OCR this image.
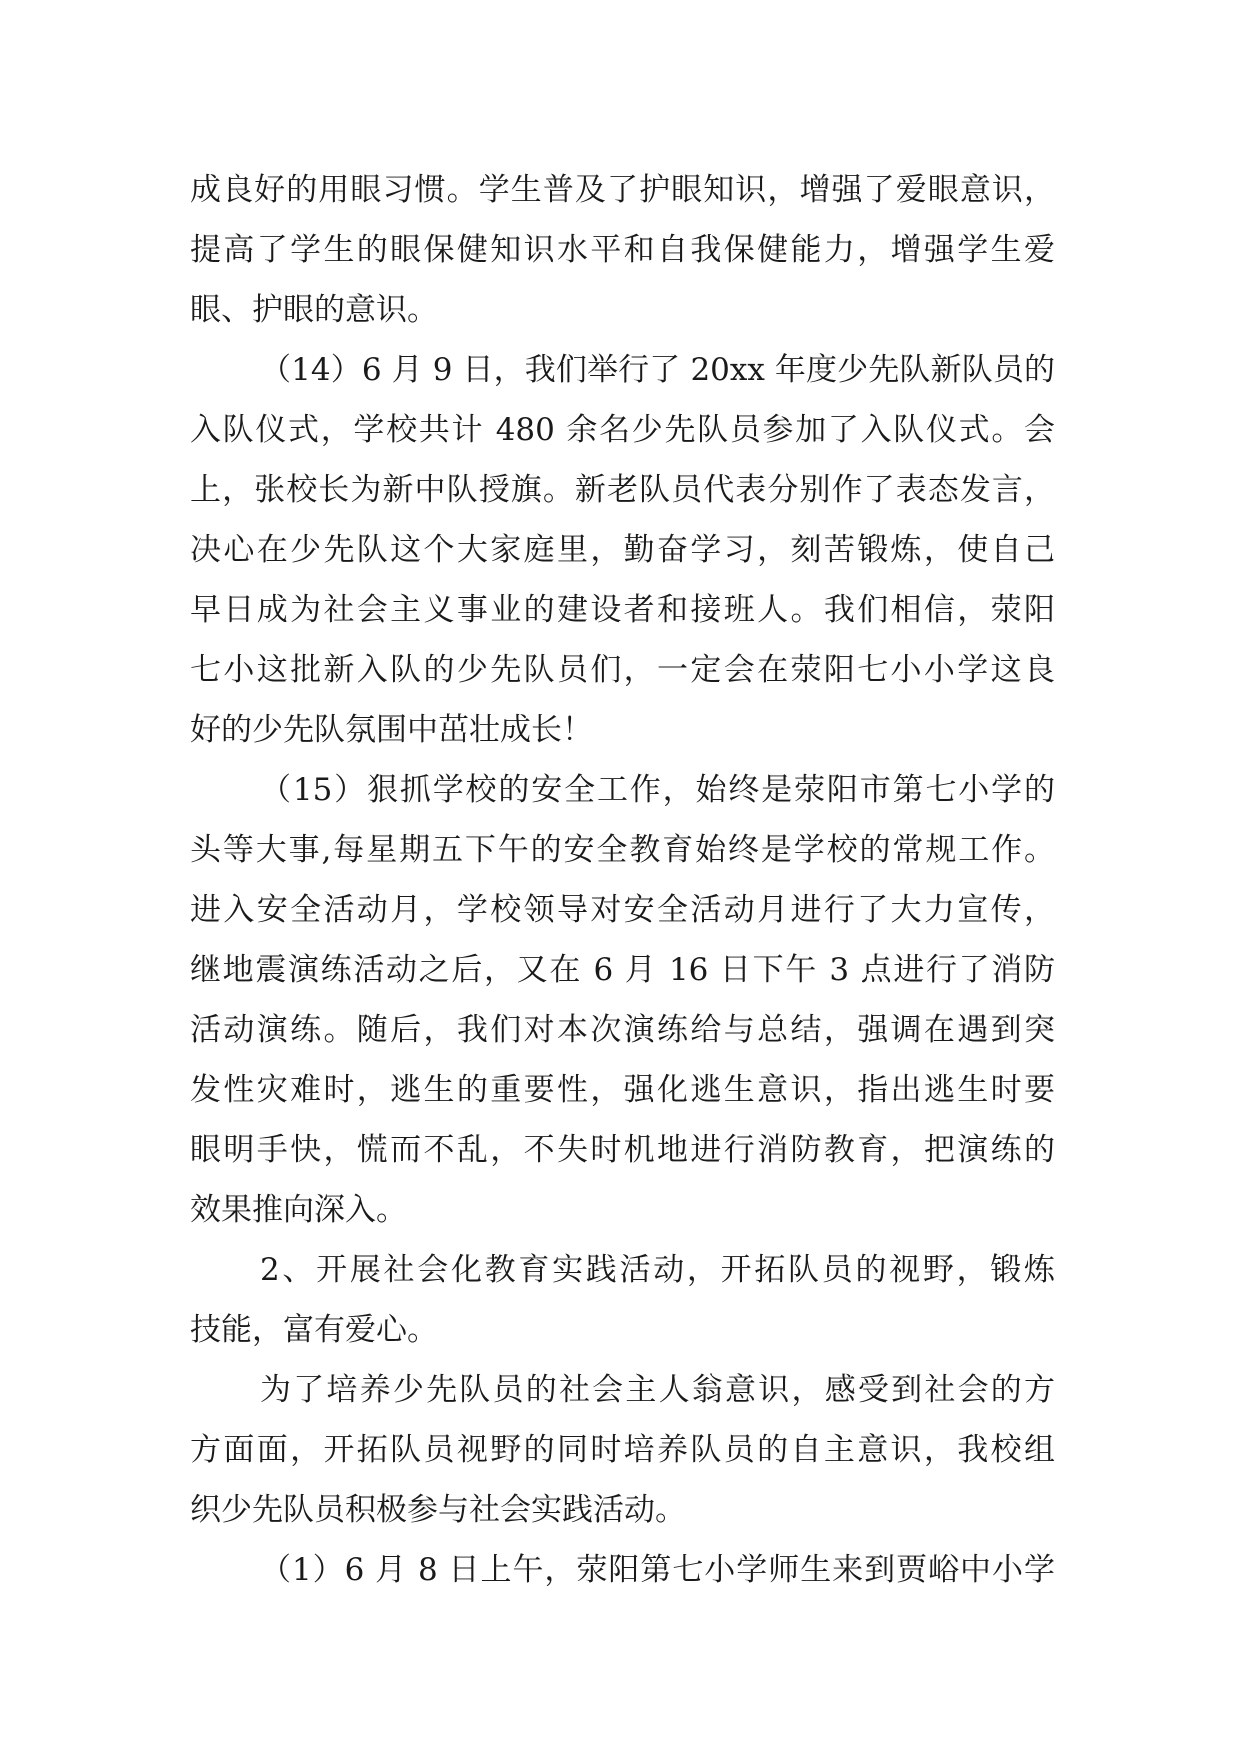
成良好的用眼习惯。学生普及了护眼知识，增强了爱眼意识，
提高了学生的眼保健知识水平和自我保健能力，增强学生爱
眼、护眼的意识。
（14）6 月 9 日，我们举行了 20xx 年度少先队新队员的
入队仪式，学校共计 480 余名少先队员参加了入队仪式。会
上，张校长为新中队授旗。新老队员代表分别作了表态发言，
决心在少先队这个大家庭里，勤奋学习，刻苦锻炼，使自己
早日成为社会主义事业的建设者和接班人。我们相信，荥阳
七小这批新入队的少先队员们，一定会在荥阳七小小学这良
好的少先队氛围中茁壮成长！
（15）狠抓学校的安全工作，始终是荥阳市第七小学的
头等大事,每星期五下午的安全教育始终是学校的常规工作。
进入安全活动月，学校领导对安全活动月进行了大力宣传，
继地震演练活动之后，又在 6 月 16 日下午 3 点进行了消防
活动演练。随后，我们对本次演练给与总结，强调在遇到突
发性灾难时，逃生的重要性，强化逃生意识，指出逃生时要
眼明手快，慌而不乱，不失时机地进行消防教育，把演练的
效果推向深入。
2、开展社会化教育实践活动，开拓队员的视野，锻炼
技能，富有爱心。
为了培养少先队员的社会主人翁意识，感受到社会的方
方面面，开拓队员视野的同时培养队员的自主意识，我校组
织少先队员积极参与社会实践活动。
（1）6 月 8 日上午，荥阳第七小学师生来到贾峪中小学
